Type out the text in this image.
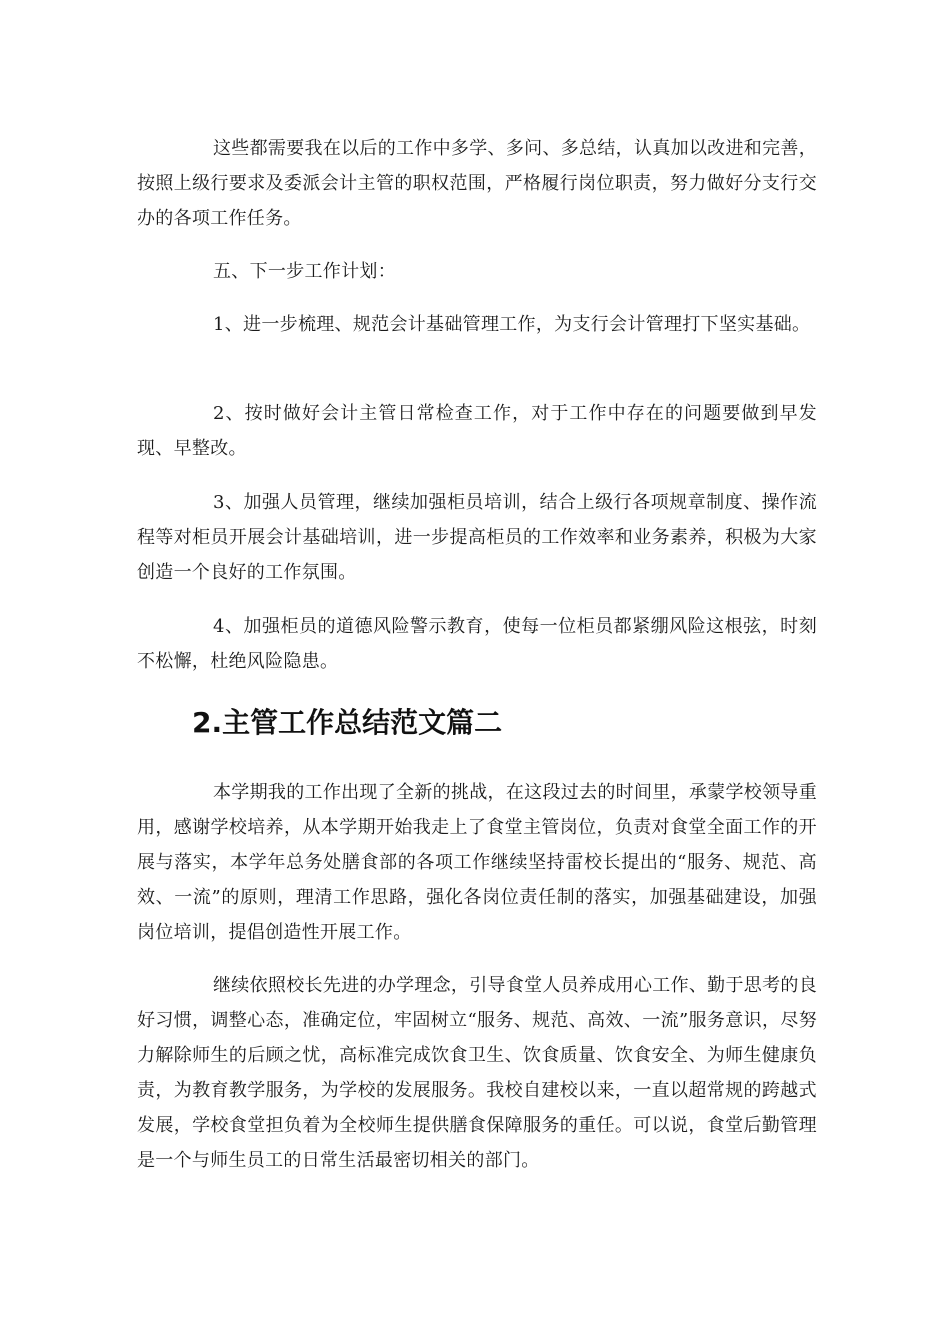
这些都需要我在以后的工作中多学、多问、多总结，认真加以改进和完善，按照上级行要求及委派会计主管的职权范围，严格履行岗位职责，努力做好分支行交办的各项工作任务。

五、下一步工作计划：

1、进一步梳理、规范会计基础管理工作，为支行会计管理打下坚实基础。

2、按时做好会计主管日常检查工作，对于工作中存在的问题要做到早发现、早整改。

3、加强人员管理，继续加强柜员培训，结合上级行各项规章制度、操作流程等对柜员开展会计基础培训，进一步提高柜员的工作效率和业务素养，积极为大家创造一个良好的工作氛围。

4、加强柜员的道德风险警示教育，使每一位柜员都紧绷风险这根弦，时刻不松懈，杜绝风险隐患。

2.主管工作总结范文篇二

本学期我的工作出现了全新的挑战，在这段过去的时间里，承蒙学校领导重用，感谢学校培养，从本学期开始我走上了食堂主管岗位，负责对食堂全面工作的开展与落实，本学年总务处膳食部的各项工作继续坚持雷校长提出的“服务、规范、高效、一流”的原则，理清工作思路，强化各岗位责任制的落实，加强基础建设，加强岗位培训，提倡创造性开展工作。

继续依照校长先进的办学理念，引导食堂人员养成用心工作、勤于思考的良好习惯，调整心态，准确定位，牢固树立“服务、规范、高效、一流”服务意识，尽努力解除师生的后顾之忧，高标准完成饮食卫生、饮食质量、饮食安全、为师生健康负责，为教育教学服务，为学校的发展服务。我校自建校以来，一直以超常规的跨越式发展，学校食堂担负着为全校师生提供膳食保障服务的重任。可以说，食堂后勤管理是一个与师生员工的日常生活最密切相关的部门。
